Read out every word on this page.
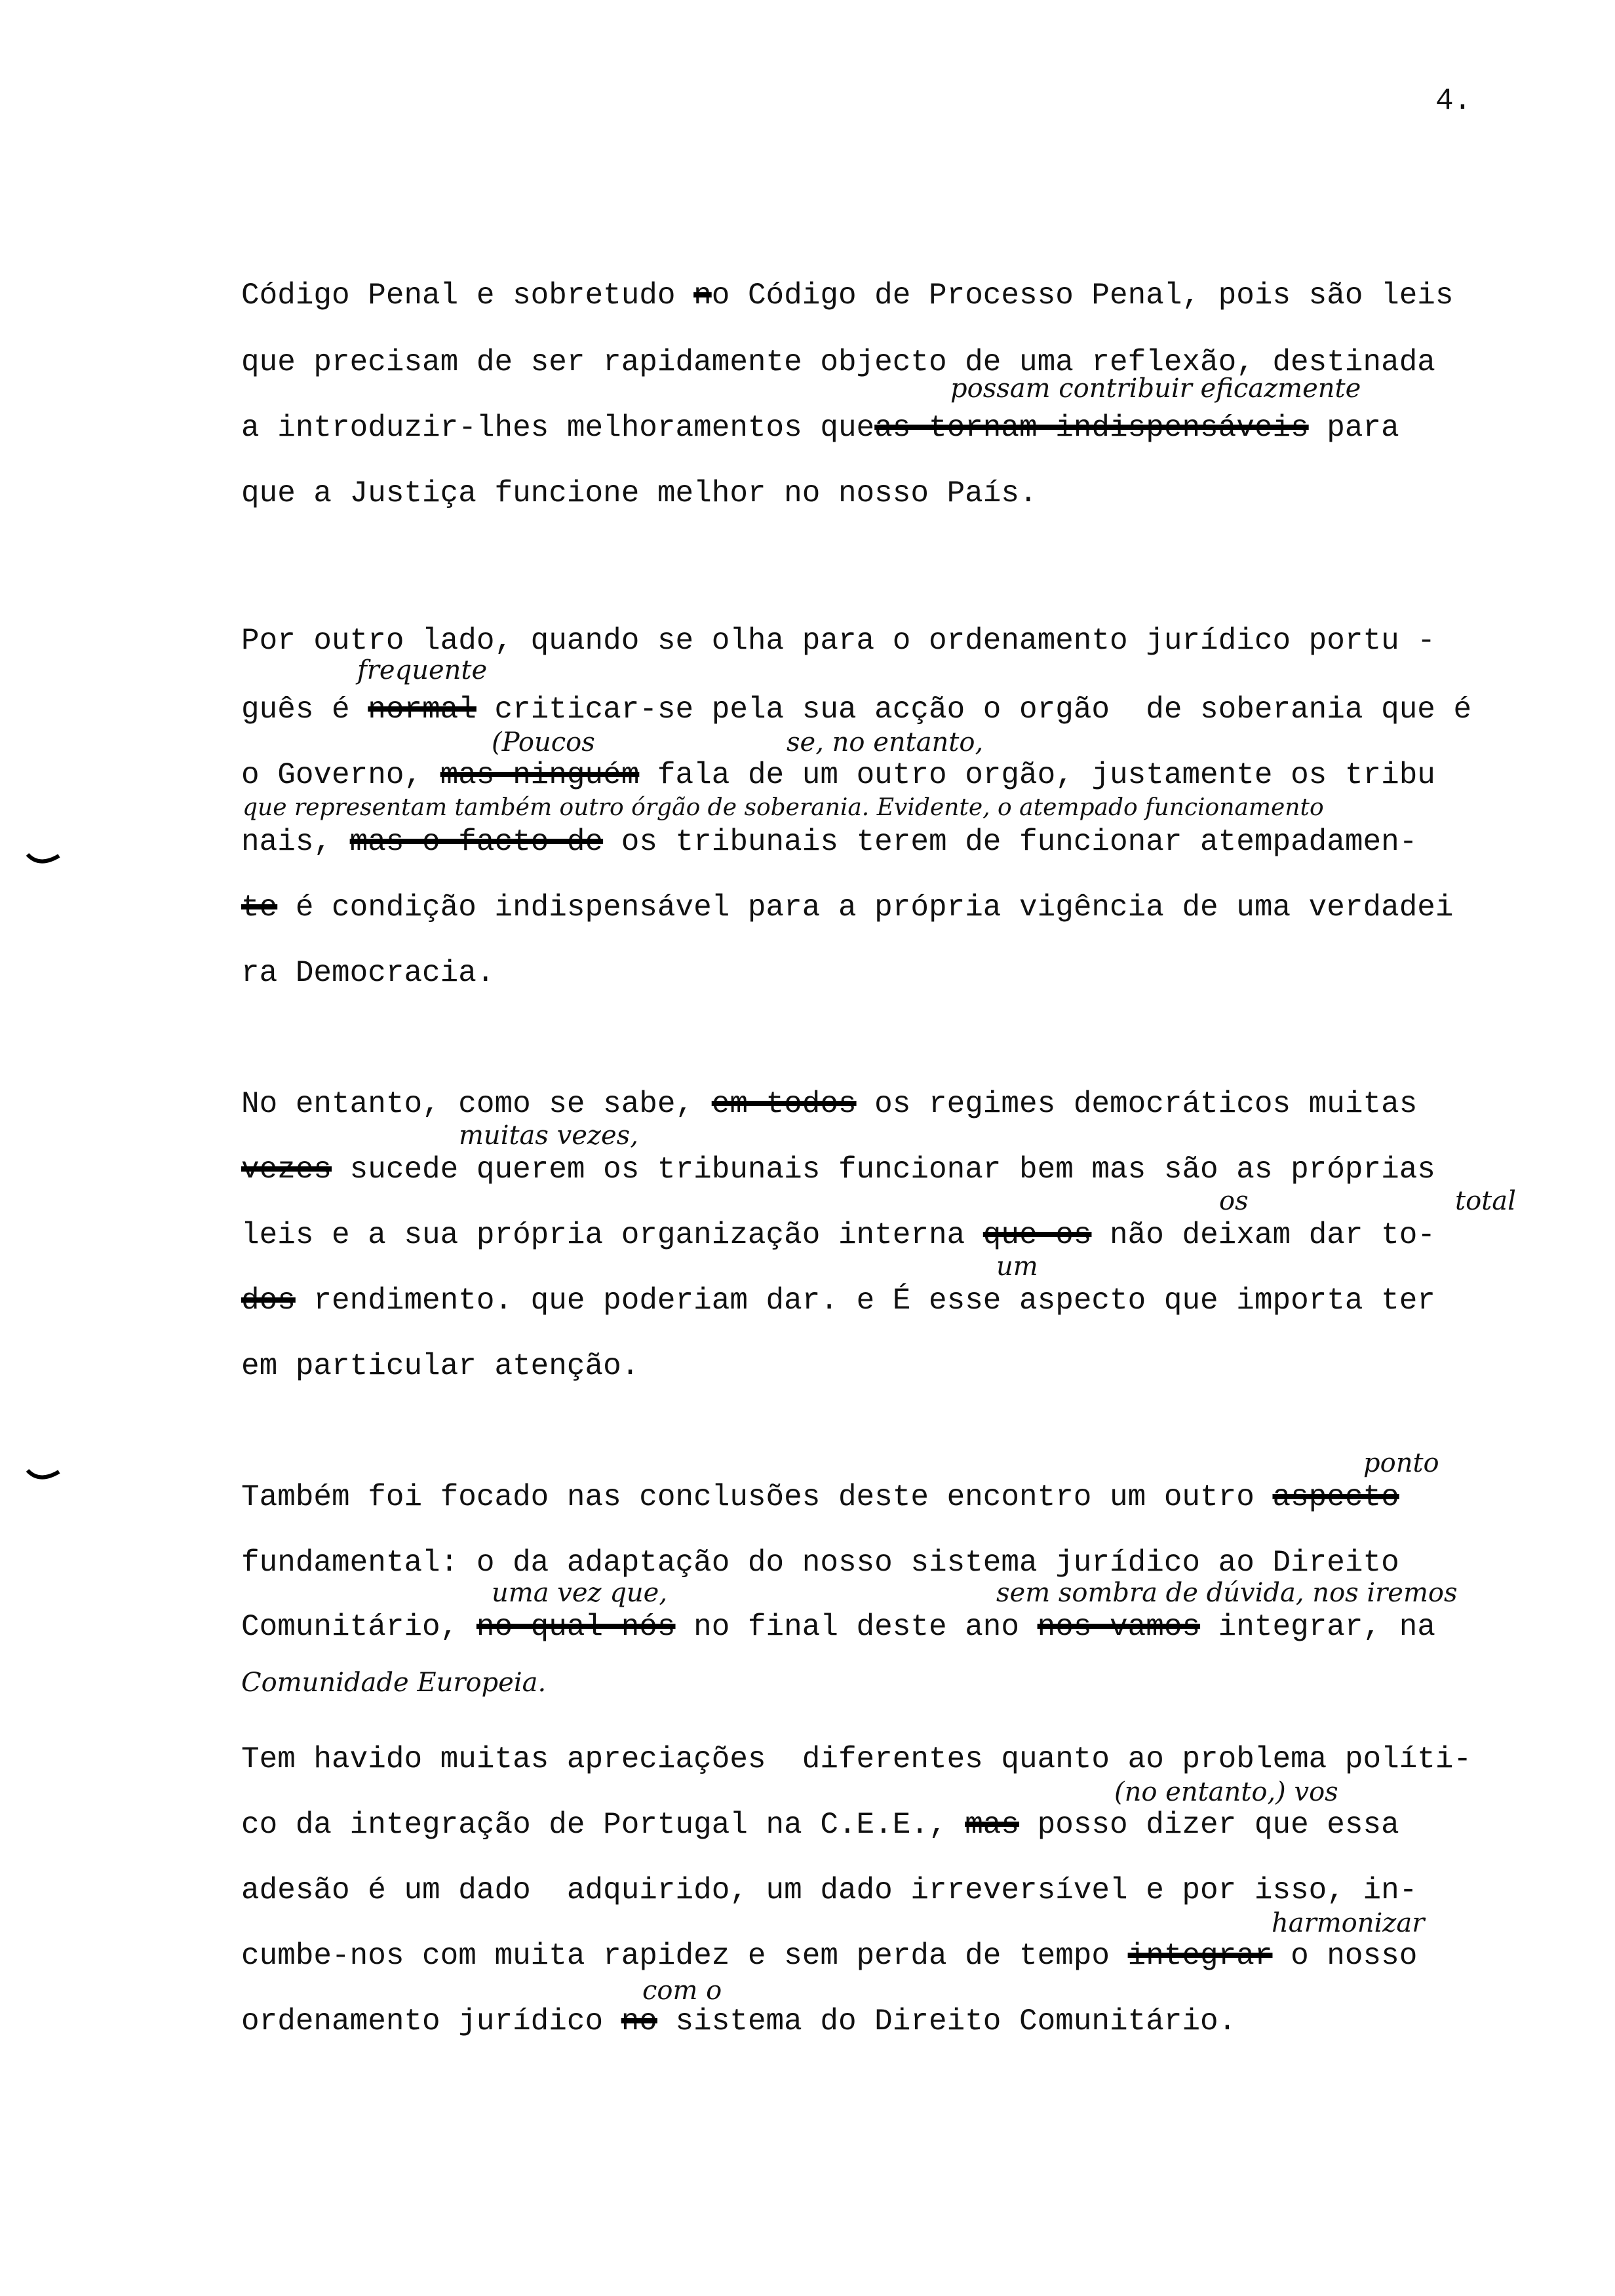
4.
Código Penal e sobretudo no Código de Processo Penal, pois são leis
que precisam de ser rapidamente objecto de uma reflexão, destinada
possam contribuir eficazmente
a introduzir-lhes melhoramentos queas tornam indispensáveis para
que a Justiça funcione melhor no nosso País.
Por outro lado, quando se olha para o ordenamento jurídico portu -
frequente
guês é normal criticar-se pela sua acção o orgão  de soberania que é
(Poucos	se, no entanto,
o Governo, mas ninguém fala de um outro orgão, justamente os tribu
que representam também outro órgão de soberania. Evidente, o atempado funcionamento
nais, mas o facto de os tribunais terem de funcionar atempadamen-
te é condição indispensável para a própria vigência de uma verdadei
ra Democracia.
No entanto, como se sabe, em todos os regimes democráticos muitas
muitas vezes,
vezes sucede querem os tribunais funcionar bem mas são as próprias
os	total
leis e a sua própria organização interna que os não deixam dar to-
um
dos rendimento. que poderiam dar. e É esse aspecto que importa ter
em particular atenção.
ponto
Também foi focado nas conclusões deste encontro um outro aspecto
fundamental: o da adaptação do nosso sistema jurídico ao Direito
uma vez que,	sem sombra de dúvida, nos iremos
Comunitário, no qual nós no final deste ano nos vamos integrar, na
Comunidade Europeia.
Tem havido muitas apreciações  diferentes quanto ao problema políti-
(no entanto,) vos
co da integração de Portugal na C.E.E., mas posso dizer que essa
adesão é um dado  adquirido, um dado irreversível e por isso, in-
harmonizar
cumbe-nos com muita rapidez e sem perda de tempo integrar o nosso
com o
ordenamento jurídico no sistema do Direito Comunitário.
